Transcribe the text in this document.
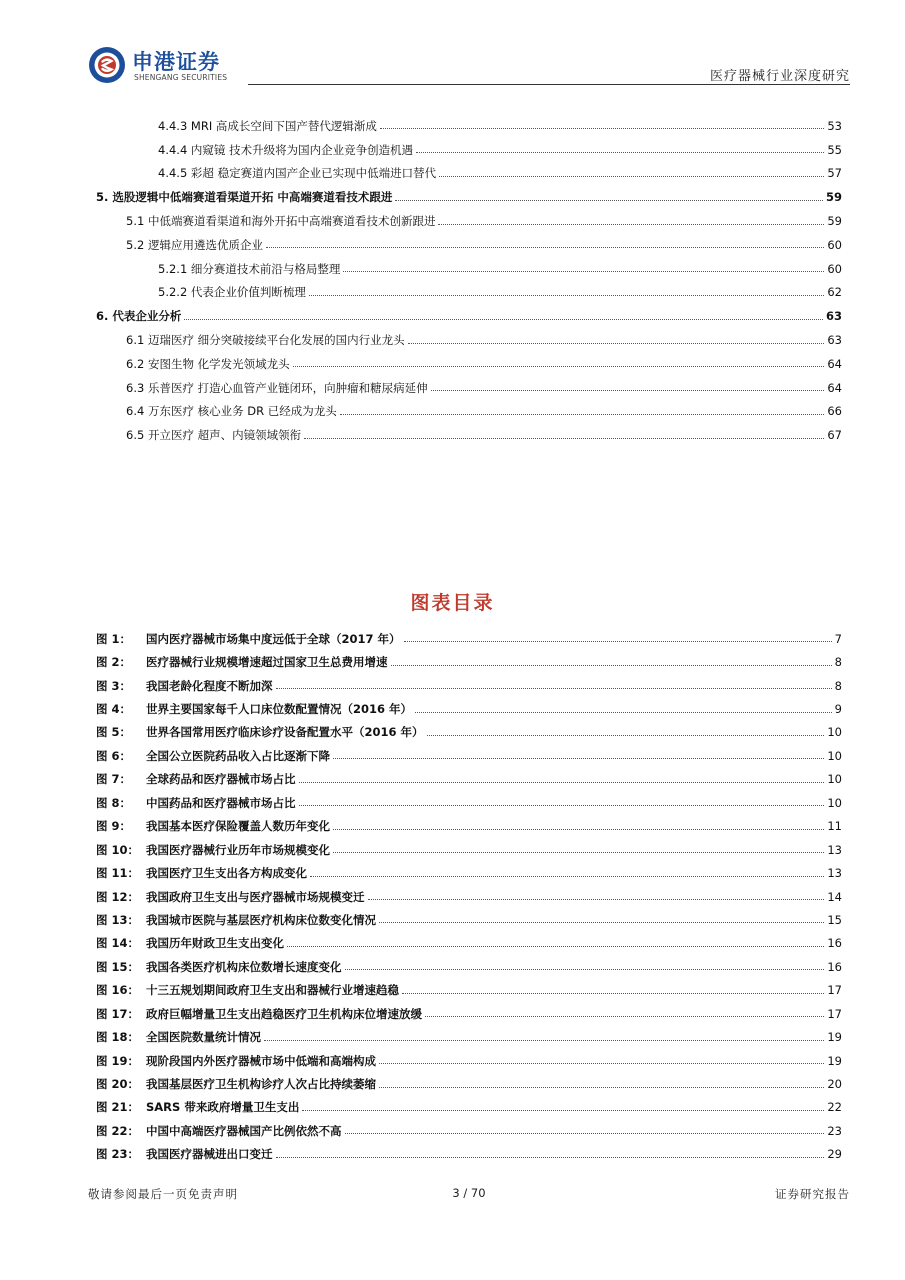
申港证券
SHENGANG SECURITIES	医疗器械行业深度研究
4.4.3 MRI 高成长空间下国产替代逻辑渐成	53
4.4.4 内窥镜 技术升级将为国内企业竞争创造机遇	55
4.4.5 彩超 稳定赛道内国产企业已实现中低端进口替代	57
5. 选股逻辑中低端赛道看渠道开拓 中高端赛道看技术跟进	59
5.1 中低端赛道看渠道和海外开拓中高端赛道看技术创新跟进	59
5.2 逻辑应用遴选优质企业	60
5.2.1 细分赛道技术前沿与格局整理	60
5.2.2 代表企业价值判断梳理	62
6. 代表企业分析	63
6.1 迈瑞医疗 细分突破接续平台化发展的国内行业龙头	63
6.2 安图生物 化学发光领域龙头	64
6.3 乐普医疗 打造心血管产业链闭环，向肿瘤和糖尿病延伸	64
6.4 万东医疗 核心业务 DR 已经成为龙头	66
6.5 开立医疗 超声、内镜领域领衔	67
图表目录
图 1：	国内医疗器械市场集中度远低于全球（2017 年）	7
图 2：	医疗器械行业规模增速超过国家卫生总费用增速	8
图 3：	我国老龄化程度不断加深	8
图 4：	世界主要国家每千人口床位数配置情况（2016 年）	9
图 5：	世界各国常用医疗临床诊疗设备配置水平（2016 年）	10
图 6：	全国公立医院药品收入占比逐渐下降	10
图 7：	全球药品和医疗器械市场占比	10
图 8：	中国药品和医疗器械市场占比	10
图 9：	我国基本医疗保险覆盖人数历年变化	11
图 10： 我国医疗器械行业历年市场规模变化	13
图 11： 我国医疗卫生支出各方构成变化	13
图 12： 我国政府卫生支出与医疗器械市场规模变迁	14
图 13： 我国城市医院与基层医疗机构床位数变化情况	15
图 14： 我国历年财政卫生支出变化	16
图 15： 我国各类医疗机构床位数增长速度变化	16
图 16： 十三五规划期间政府卫生支出和器械行业增速趋稳	17
图 17： 政府巨幅增量卫生支出趋稳医疗卫生机构床位增速放缓	17
图 18： 全国医院数量统计情况	19
图 19： 现阶段国内外医疗器械市场中低端和高端构成	19
图 20： 我国基层医疗卫生机构诊疗人次占比持续萎缩	20
图 21： SARS 带来政府增量卫生支出	22
图 22： 中国中高端医疗器械国产比例依然不高	23
图 23： 我国医疗器械进出口变迁	29
敬请参阅最后一页免责声明	3 / 70	证券研究报告
